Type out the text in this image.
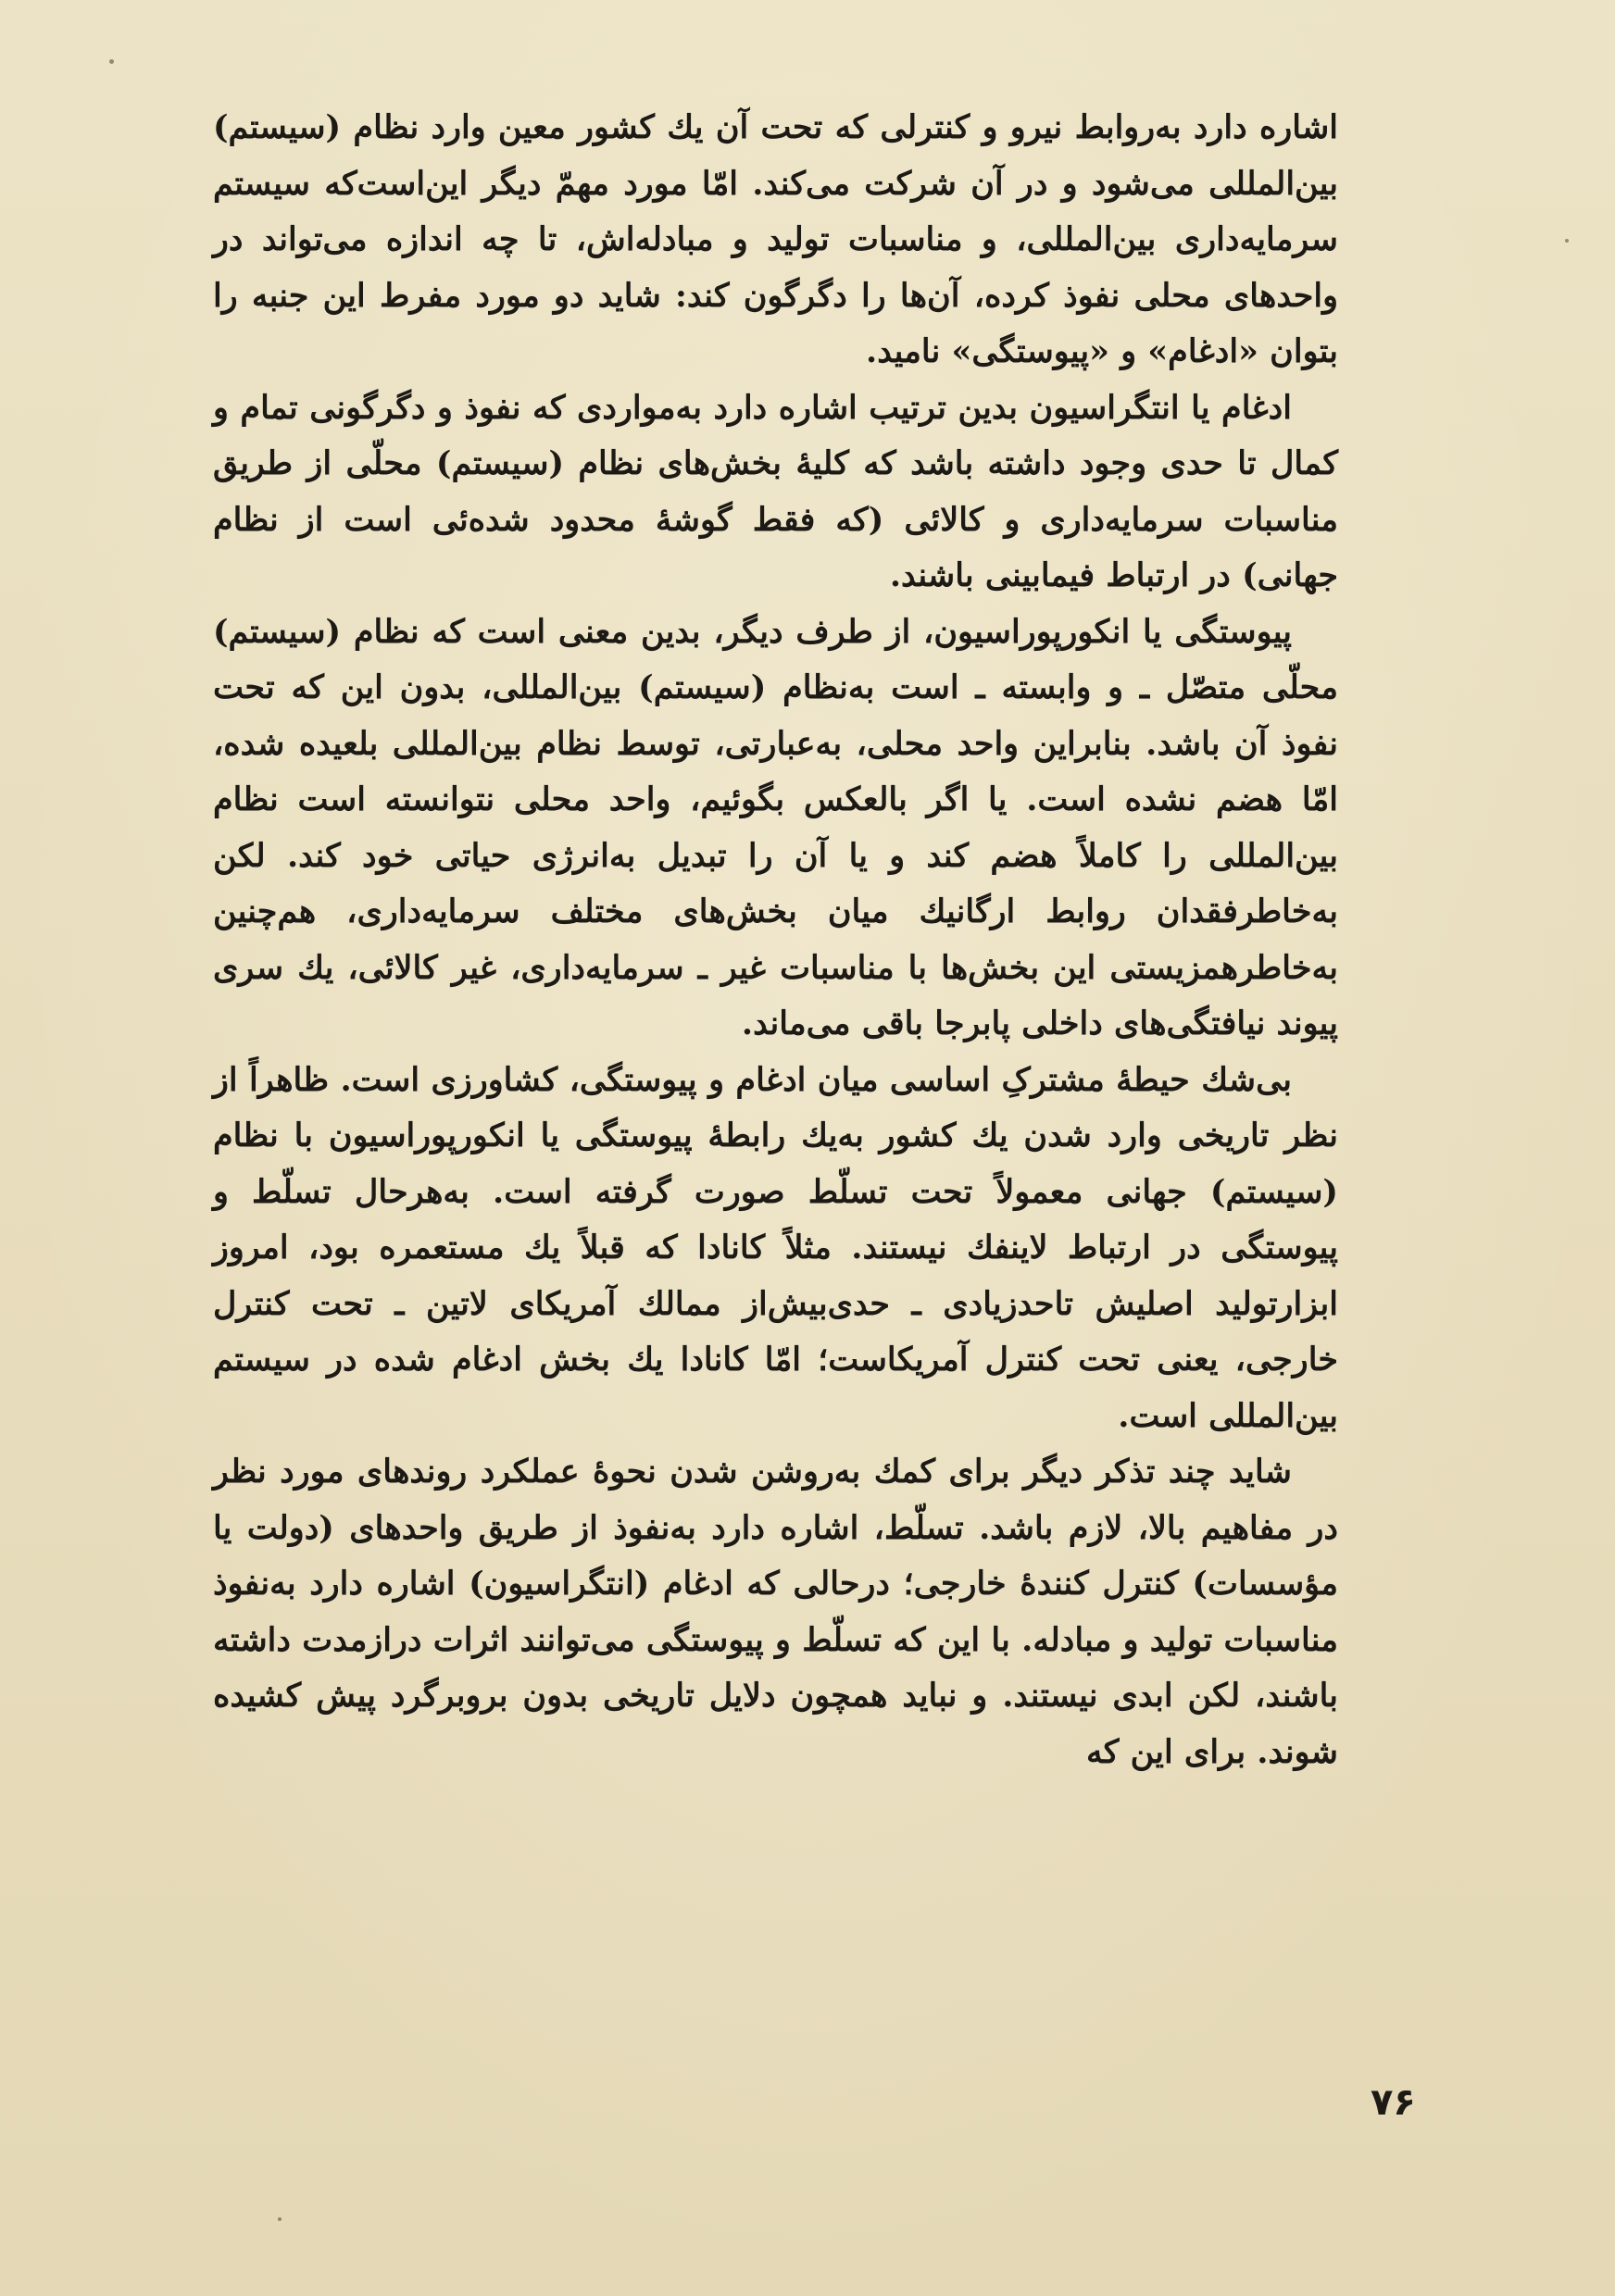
اشاره دارد به‌روابط نیرو و کنترلی که تحت آن یك کشور معین وارد نظام (سیستم) بین‌المللی می‌شود و در آن شرکت می‌کند. امّا مورد مهمّ دیگر این‌است‌که سیستم سرمایه‌داری بین‌المللی، و مناسبات تولید و مبادله‌اش، تا چه اندازه می‌تواند در واحدهای محلی نفوذ کرده، آن‌ها را دگرگون کند: شاید دو مورد مفرط این جنبه را بتوان «ادغام» و «پیوستگی» نامید.

ادغام یا انتگراسیون بدین ترتیب اشاره دارد به‌مواردی که نفوذ و دگرگونی تمام و کمال تا حدی وجود داشته باشد که کلیهٔ بخش‌های نظام (سیستم) محلّی از طریق مناسبات سرمایه‌داری و کالائی (که فقط گوشهٔ محدود شده‌ئی است از نظام جهانی) در ارتباط فیمابینی باشند.

پیوستگی یا انکورپوراسیون، از طرف دیگر، بدین معنی است که نظام (سیستم) محلّی متصّل ـ و وابسته ـ است به‌نظام (سیستم) بین‌المللی، بدون این که تحت نفوذ آن باشد. بنابراین واحد محلی، به‌عبارتی، توسط نظام بین‌المللی بلعیده شده، امّا هضم نشده است. یا اگر بالعکس بگوئیم، واحد محلی نتوانسته است نظام بین‌المللی را کاملاً هضم کند و یا آن را تبدیل به‌انرژی حیاتی خود کند. لکن به‌خاطرفقدان روابط ارگانیك میان بخش‌های مختلف سرمایه‌داری، هم‌چنین به‌خاطرهمزیستی این بخش‌ها با مناسبات غیر ـ سرمایه‌داری، غیر کالائی، یك سری پیوند نیافتگی‌های داخلی پابرجا باقی می‌ماند.

بی‌شك حیطهٔ مشترکِ اساسی میان ادغام و پیوستگی، کشاورزی است. ظاهراً از نظر تاریخی وارد شدن یك کشور به‌یك رابطهٔ پیوستگی یا انکورپوراسیون با نظام (سیستم) جهانی معمولاً تحت تسلّط صورت گرفته است. به‌هرحال تسلّط و پیوستگی در ارتباط لاینفك نیستند. مثلاً کانادا که قبلاً یك مستعمره بود، امروز ابزارتولید اصلیش تاحدزیادی ـ حدی‌بیش‌از ممالك آمریکای لاتین ـ تحت کنترل خارجی، یعنی تحت کنترل آمریکاست؛ امّا کانادا یك بخش ادغام شده در سیستم بین‌المللی است.

شاید چند تذکر دیگر برای کمك به‌روشن شدن نحوهٔ عملکرد روندهای مورد نظر در مفاهیم بالا، لازم باشد. تسلّط، اشاره دارد به‌نفوذ از طریق واحدهای (دولت یا مؤسسات) کنترل کنندهٔ خارجی؛ درحالی که ادغام (انتگراسیون) اشاره دارد به‌نفوذ مناسبات تولید و مبادله. با این که تسلّط و پیوستگی می‌توانند اثرات درازمدت داشته باشند، لکن ابدی نیستند. و نباید همچون دلایل تاریخی بدون بروبرگرد پیش کشیده شوند. برای این که

۷۶
